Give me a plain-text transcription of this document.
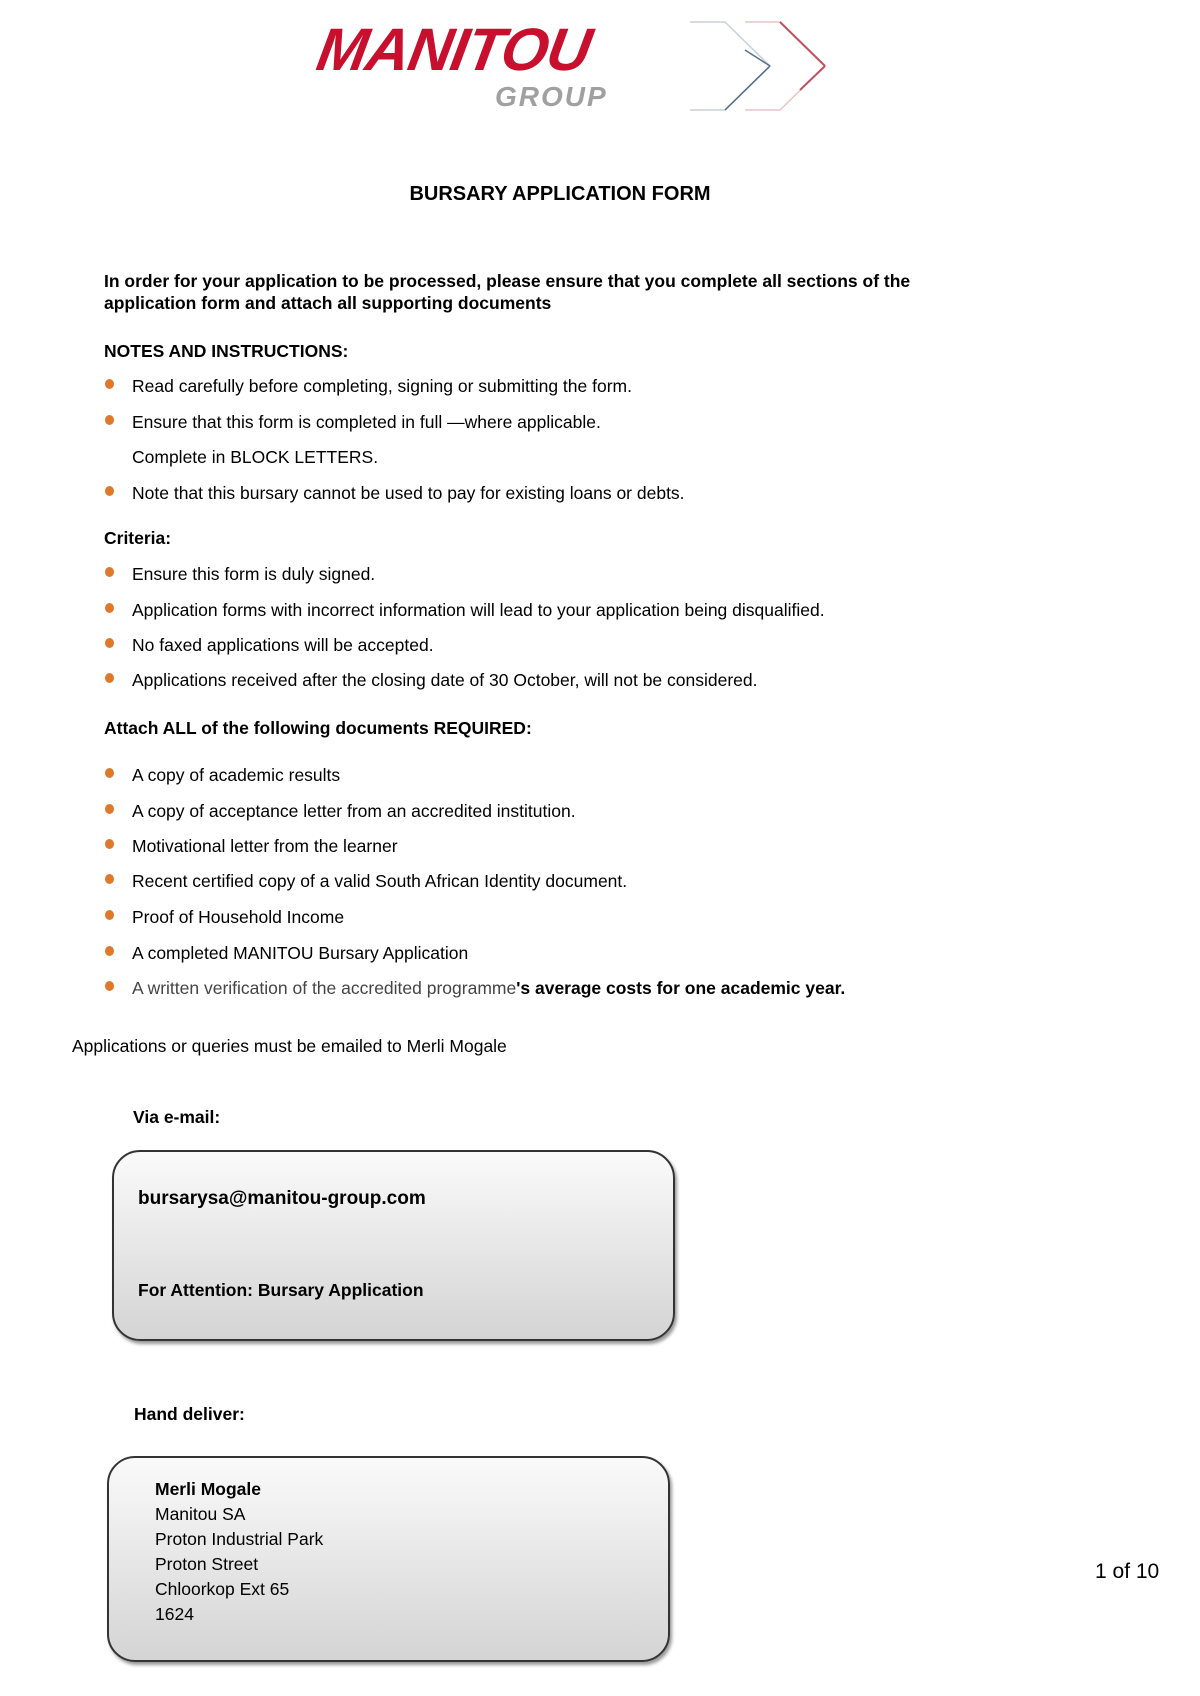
MANITOU
GROUP
BURSARY APPLICATION FORM
In order for your application to be processed, please ensure that you complete all sections of the
application form and attach all supporting documents
NOTES AND INSTRUCTIONS:
Read carefully before completing, signing or submitting the form.
Ensure that this form is completed in full —where applicable.
Complete in BLOCK LETTERS.
Note that this bursary cannot be used to pay for existing loans or debts.
Criteria:
Ensure this form is duly signed.
Application forms with incorrect information will lead to your application being disqualified.
No faxed applications will be accepted.
Applications received after the closing date of 30 October, will not be considered.
Attach ALL of the following documents REQUIRED:
A copy of academic results
A copy of acceptance letter from an accredited institution.
Motivational letter from the learner
Recent certified copy of a valid South African Identity document.
Proof of Household Income
A completed MANITOU Bursary Application
A written verification of the accredited programme's average costs for one academic year.
Applications or queries must be emailed to Merli Mogale
Via e-mail:
bursarysa@manitou-group.com
For Attention: Bursary Application
Hand deliver:
Merli Mogale
Manitou SA
Proton Industrial Park
Proton Street
Chloorkop Ext 65
1624
1 of 10
